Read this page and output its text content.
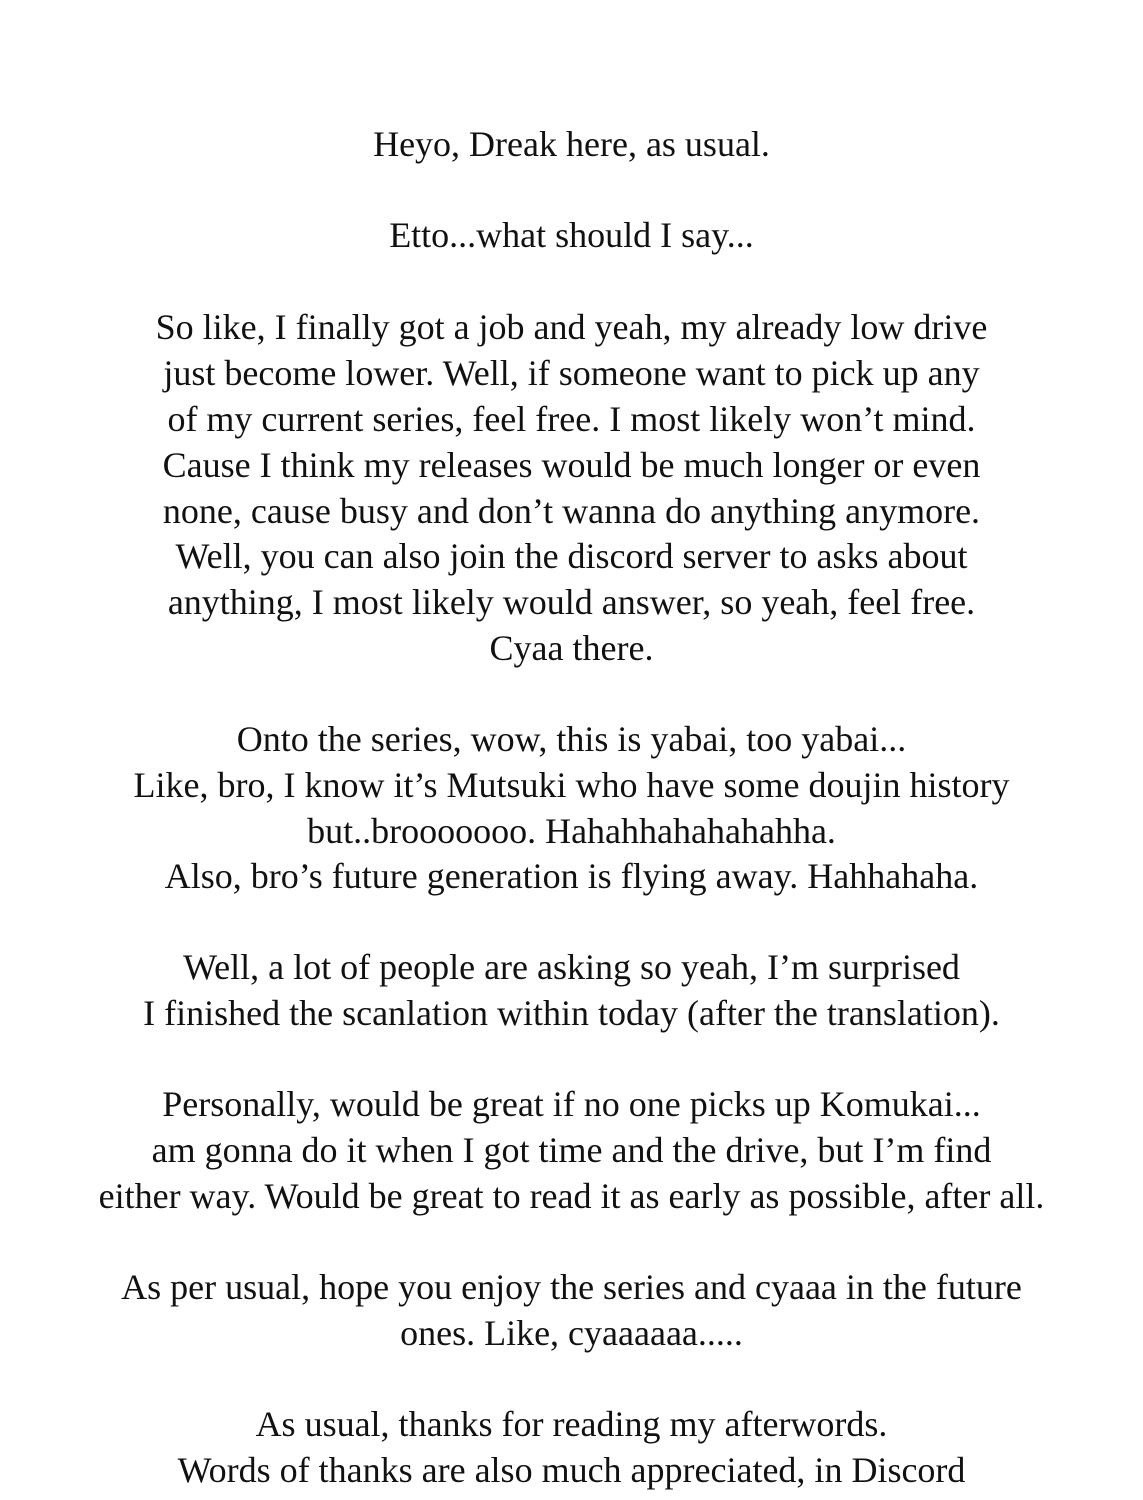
Heyo, Dreak here, as usual.
Etto...what should I say...
So like, I finally got a job and yeah, my already low drive
just become lower. Well, if someone want to pick up any
of my current series, feel free. I most likely won’t mind.
Cause I think my releases would be much longer or even
none, cause busy and don’t wanna do anything anymore.
Well, you can also join the discord server to asks about
anything, I most likely would answer, so yeah, feel free.
Cyaa there.
Onto the series, wow, this is yabai, too yabai...
Like, bro, I know it’s Mutsuki who have some doujin history
but..brooooooo. Hahahhahahahahha.
Also, bro’s future generation is flying away. Hahhahaha.
Well, a lot of people are asking so yeah, I’m surprised
I finished the scanlation within today (after the translation).
Personally, would be great if no one picks up Komukai...
am gonna do it when I got time and the drive, but I’m find
either way. Would be great to read it as early as possible, after all.
As per usual, hope you enjoy the series and cyaaa in the future
ones. Like, cyaaaaaa.....
As usual, thanks for reading my afterwords.
Words of thanks are also much appreciated, in Discord
